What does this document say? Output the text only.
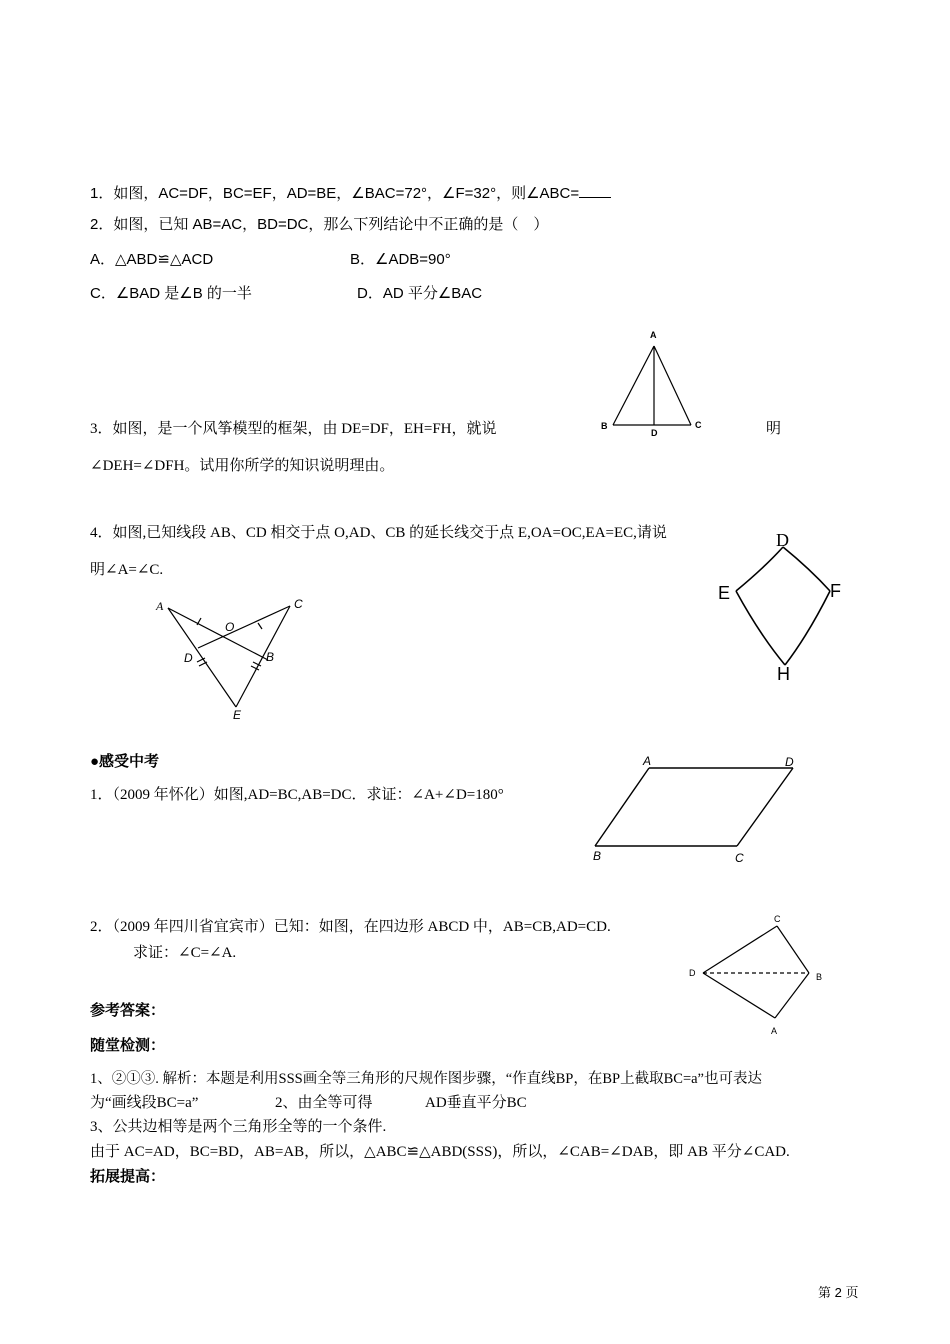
1．如图，AC=DF，BC=EF，AD=BE，∠BAC=72°，∠F=32°，则∠ABC=
2．如图，已知 AB=AC，BD=DC，那么下列结论中不正确的是（　）
A．△ABD≌△ACD	B．∠ADB=90°
C．∠BAD 是∠B 的一半	D．AD 平分∠BAC
A
B	C
D
3．如图，是一个风筝模型的框架，由 DE=DF，EH=FH，就说	明
∠DEH=∠DFH。试用你所学的知识说明理由。
4．如图,已知线段 AB、CD 相交于点 O,AD、CB 的延长线交于点 E,OA=OC,EA=EC,请说
明∠A=∠C.
D
E	F
H
A	C
O
D	B
E
●感受中考
1．（2009 年怀化）如图,AD=BC,AB=DC．求证：∠A+∠D=180°
A	D
B	C
2．（2009 年四川省宜宾市）已知：如图，在四边形 ABCD 中，AB=CB,AD=CD.
求证：∠C=∠A.
C
D	B
A
参考答案：
随堂检测：
1、②①③. 解析：本题是利用SSS画全等三角形的尺规作图步骤，“作直线BP，在BP上截取BC=a”也可表达
为“画线段BC=a”	2、由全等可得	AD垂直平分BC
3、公共边相等是两个三角形全等的一个条件.
由于 AC=AD，BC=BD，AB=AB，所以，△ABC≌△ABD(SSS)，所以，∠CAB=∠DAB，即 AB 平分∠CAD.
拓展提高：
第 2 页
